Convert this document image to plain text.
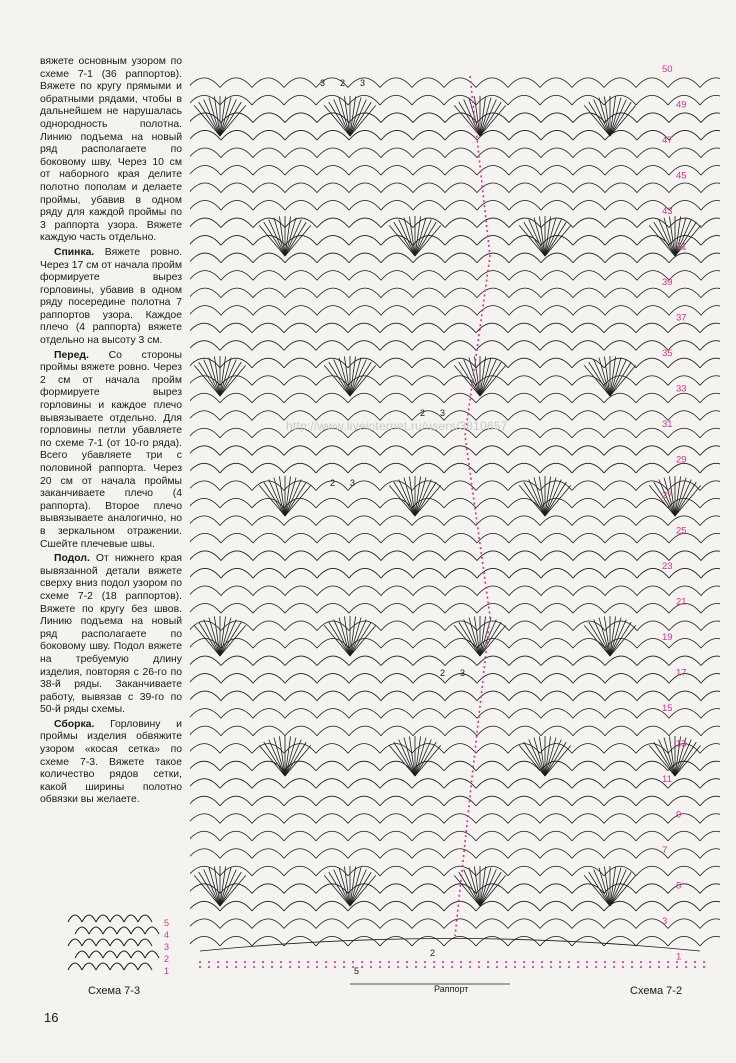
вяжете основным узором по схеме 7-1 (36 раппортов). Вяжете по кругу прямыми и обратными рядами, чтобы в дальнейшем не нарушалась однородность полотна. Линию подъема на новый ряд располагаете по боковому шву. Через 10 см от наборного края делите полотно пополам и делаете проймы, убавив в одном ряду для каждой проймы по 3 раппорта узора. Вяжете каждую часть отдельно.

Спинка. Вяжете ровно. Через 17 см от начала пройм формируете вырез горловины, убавив в одном ряду посередине полотна 7 раппортов узора. Каждое плечо (4 раппорта) вяжете отдельно на высоту 3 см.

Перед. Со стороны проймы вяжете ровно. Через 2 см от начала пройм формируете вырез горловины и каждое плечо вывязываете отдельно. Для горловины петли убавляете по схеме 7-1 (от 10-го ряда). Всего убавляете три с половиной раппорта. Через 20 см от начала проймы заканчиваете плечо (4 раппорта). Второе плечо вывязываете аналогично, но в зеркальном отражении. Сшейте плечевые швы.

Подол. От нижнего края вывязанной детали вяжете сверху вниз подол узором по схеме 7-2 (18 раппортов). Вяжете по кругу без швов. Линию подъема на новый ряд располагаете по боковому шву. Подол вяжете на требуемую длину изделия, повторяя с 26-го по 38-й ряды. Заканчиваете работу, вывязав с 39-го по 50-й ряды схемы.

Сборка. Горловину и проймы изделия обвяжите узором «косая сетка» по схеме 7-3. Вяжете такое количество рядов сетки, какой ширины полотно обвязки вы желаете.

5
4
3
2
1
Схема 7-3
50
49
47
45
43
41
39
37
35
33
31
29
27
25
23
21
19
17
15
13
11
9
7
5
3
1
3 2 3
2 3
2 3
2 3
2
http://www.liveinternet.ru/users/3810657
Раппорт	Схема 7-2
5
16
